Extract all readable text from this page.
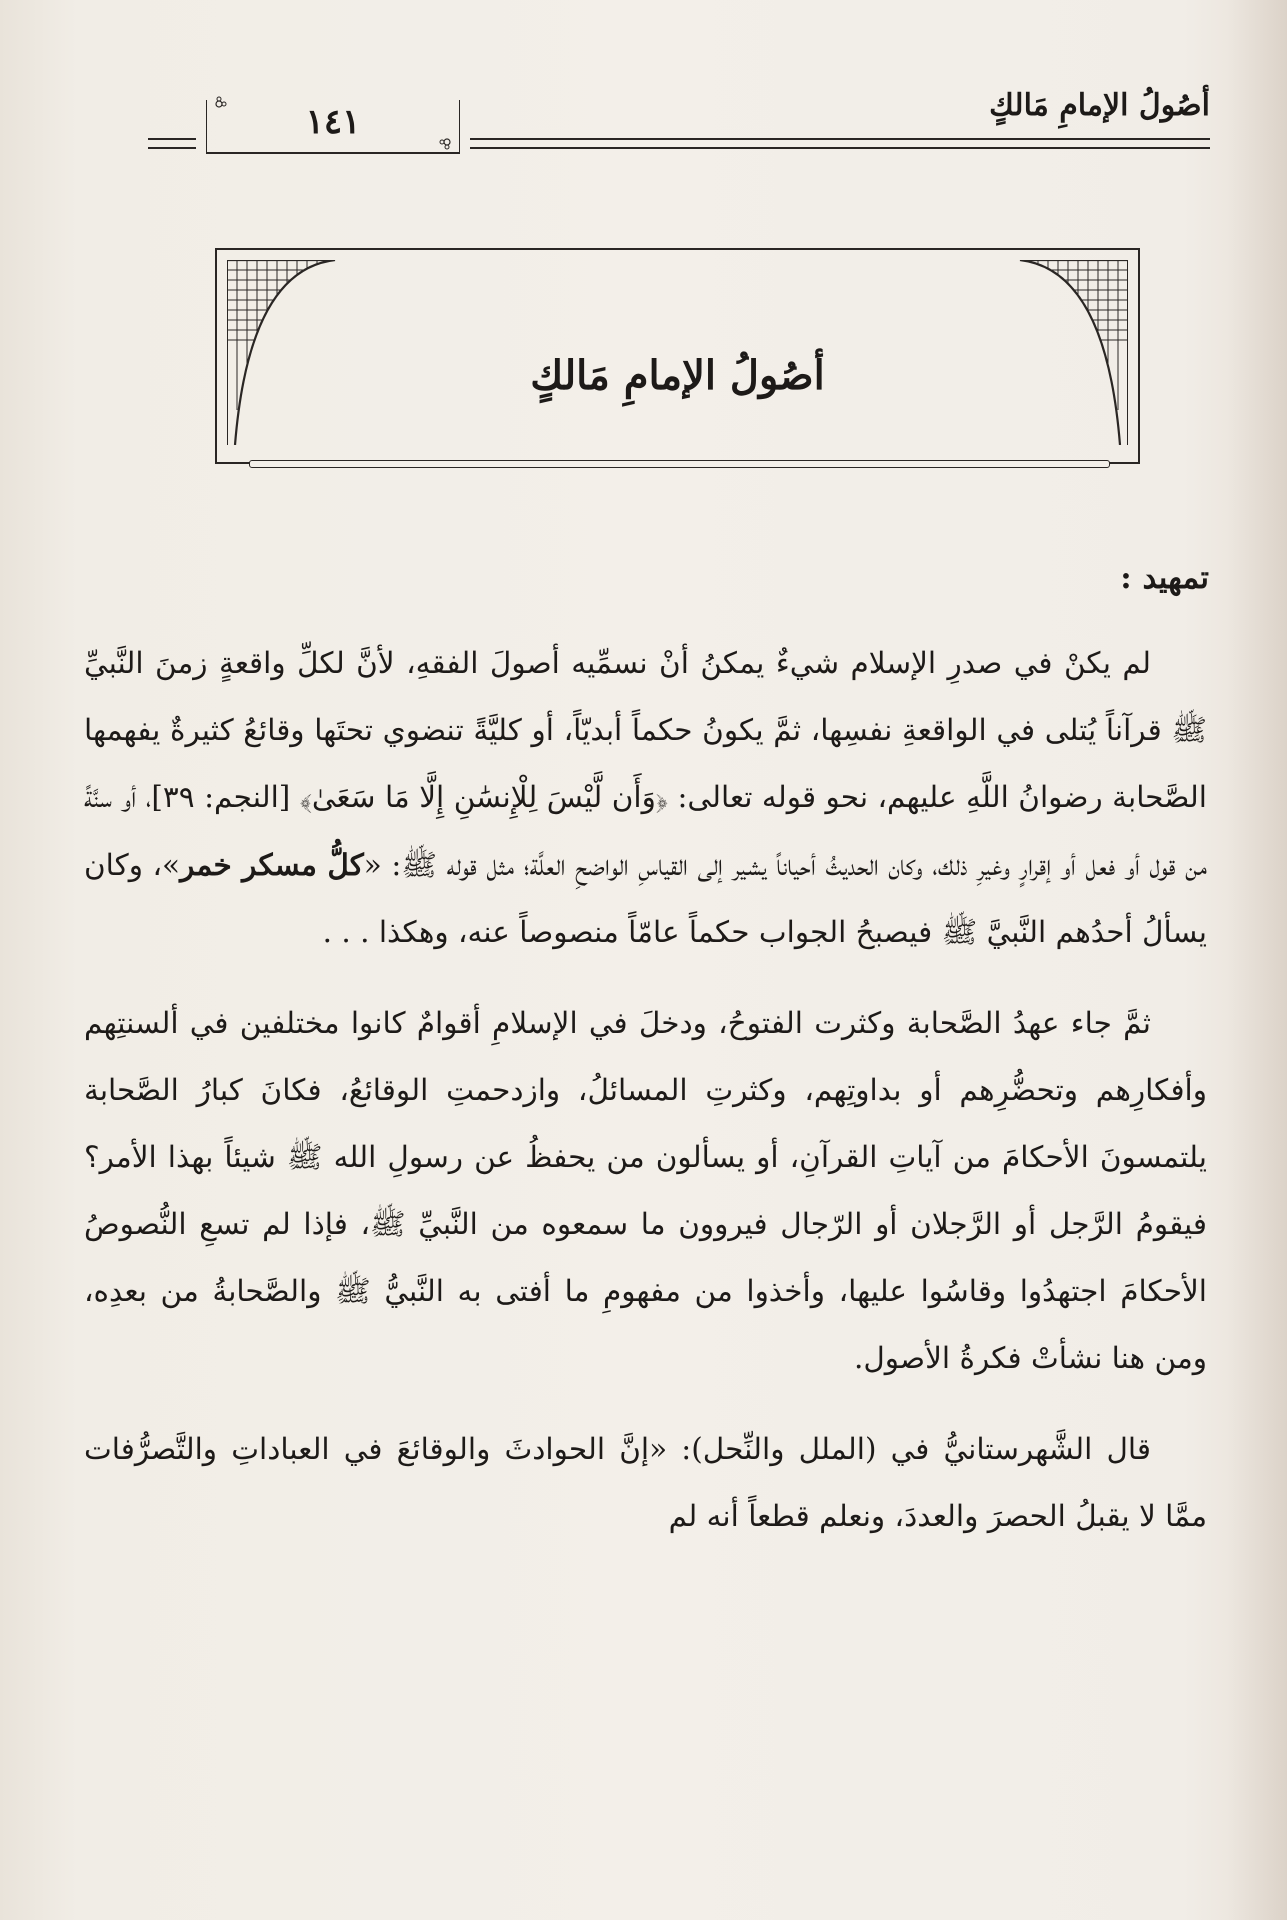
أصُولُ الإمامِ مَالكٍ
١٤١
أصُولُ الإمامِ مَالكٍ
تمهيد :

لم يكنْ في صدرِ الإسلام شيءٌ يمكنُ أنْ نسمِّيه أصولَ الفقهِ، لأنَّ لكلِّ واقعةٍ زمنَ النَّبيِّ ﷺ قرآناً يُتلى في الواقعةِ نفسِها، ثمَّ يكونُ حكماً أبديّاً، أو كليَّةً تنضوي تحتَها وقائعُ كثيرةٌ يفهمها الصَّحابة رضوانُ اللَّهِ عليهم، نحو قوله تعالى: ﴿وَأَن لَّيْسَ لِلْإِنسَٰنِ إِلَّا مَا سَعَىٰ﴾ [النجم: ٣٩]، أو سنَّةً من قول أو فعل أو إقرارٍ وغيرِ ذلك، وكان الحديثُ أحياناً يشير إلى القياسِ الواضحِ العلَّة؛ مثل قوله ﷺ: «كلُّ مسكر خمر»، وكان يسألُ أحدُهم النَّبيَّ ﷺ فيصبحُ الجواب حكماً عامّاً منصوصاً عنه، وهكذا . . .

ثمَّ جاء عهدُ الصَّحابة وكثرت الفتوحُ، ودخلَ في الإسلامِ أقوامٌ كانوا مختلفين في ألسنتِهم وأفكارِهم وتحضُّرِهم أو بداوتِهم، وكثرتِ المسائلُ، وازدحمتِ الوقائعُ، فكانَ كبارُ الصَّحابة يلتمسونَ الأحكامَ من آياتِ القرآنِ، أو يسألون من يحفظُ عن رسولِ الله ﷺ شيئاً بهذا الأمر؟ فيقومُ الرَّجل أو الرَّجلان أو الرّجال فيروون ما سمعوه من النَّبيِّ ﷺ، فإذا لم تسعِ النُّصوصُ الأحكامَ اجتهدُوا وقاسُوا عليها، وأخذوا من مفهومِ ما أفتى به النَّبيُّ ﷺ والصَّحابةُ من بعدِه، ومن هنا نشأتْ فكرةُ الأصول.

قال الشَّهرستانيُّ في (الملل والنِّحل): «إنَّ الحوادثَ والوقائعَ في العباداتِ والتَّصرُّفات ممَّا لا يقبلُ الحصرَ والعددَ، ونعلم قطعاً أنه لم
